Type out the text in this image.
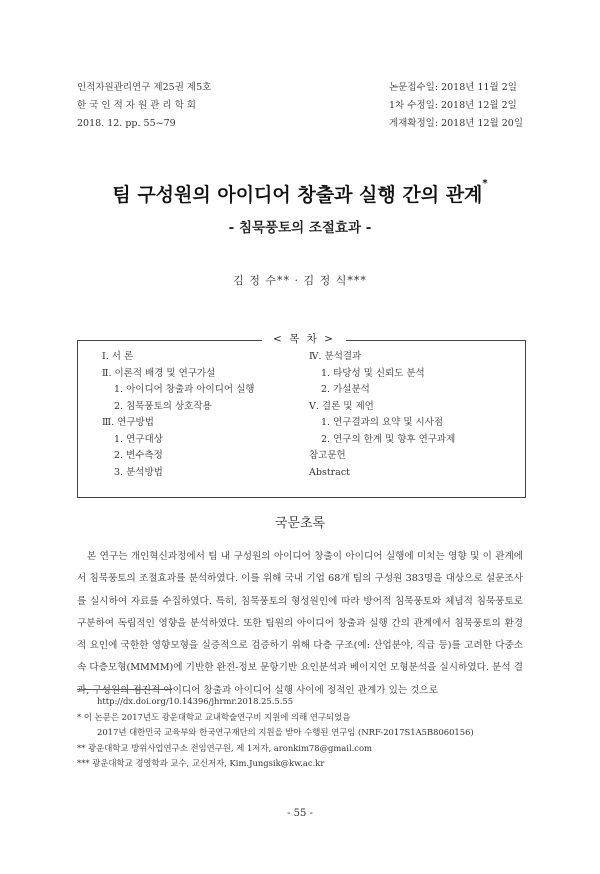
인적자원관리연구 제25권 제5호
한 국 인 적 자 원 관 리 학 회
2018. 12. pp. 55~79
논문접수일: 2018년 11월 2일
1차 수정일: 2018년 12월 2일
게재확정일: 2018년 12월 20일
팀 구성원의 아이디어 창출과 실행 간의 관계*
- 침묵풍토의 조절효과 -
김 정 수** · 김 정 식***
Ⅰ. 서 론
Ⅱ. 이론적 배경 및 연구가설
1. 아이디어 창출과 아이디어 실행
2. 침묵풍토의 상호작용
Ⅲ. 연구방법
1. 연구대상
2. 변수측정
3. 분석방법
Ⅳ. 분석결과
1. 타당성 및 신뢰도 분석
2. 가설분석
Ⅴ. 결론 및 제언
1. 연구결과의 요약 및 시사점
2. 연구의 한계 및 향후 연구과제
참고문헌
Abstract
< 목 차 >
국문초록

본 연구는 개인혁신과정에서 팀 내 구성원의 아이디어 창출이 아이디어 실행에 미치는 영향 및 이 관계에서 침묵풍토의 조절효과를 분석하였다. 이를 위해 국내 기업 68개 팀의 구성원 383명을 대상으로 설문조사를 실시하여 자료를 수집하였다. 특히, 침묵풍토의 형성원인에 따라 방어적 침묵풍토와 체념적 침묵풍토로 구분하여 독립적인 영향을 분석하였다. 또한 팀원의 아이디어 창출과 실행 간의 관계에서 침묵풍토의 환경적 요인에 국한한 영향모형을 실증적으로 검증하기 위해 다층 구조(예: 산업분야, 직급 등)를 고려한 다중소속 다층모형(MMMM)에 기반한 완전-정보 문항기반 요인분석과 베이지언 모형분석을 실시하였다. 분석 결과, 구성원의 점진적 아이디어 창출과 아이디어 실행 사이에 정적인 관계가 있는 것으로

http://dx.doi.org/10.14396/jhrmr.2018.25.5.55
* 이 논문은 2017년도 광운대학교 교내학술연구비 지원에 의해 연구되었음
2017년 대한민국 교육부와 한국연구재단의 지원을 받아 수행된 연구임 (NRF-2017S1A5B8060156)
** 광운대학교 방위사업연구소 전임연구원, 제 1저자, aronkim78@gmail.com
*** 광운대학교 경영학과 교수, 교신저자, Kim.Jungsik@kw.ac.kr
- 55 -
